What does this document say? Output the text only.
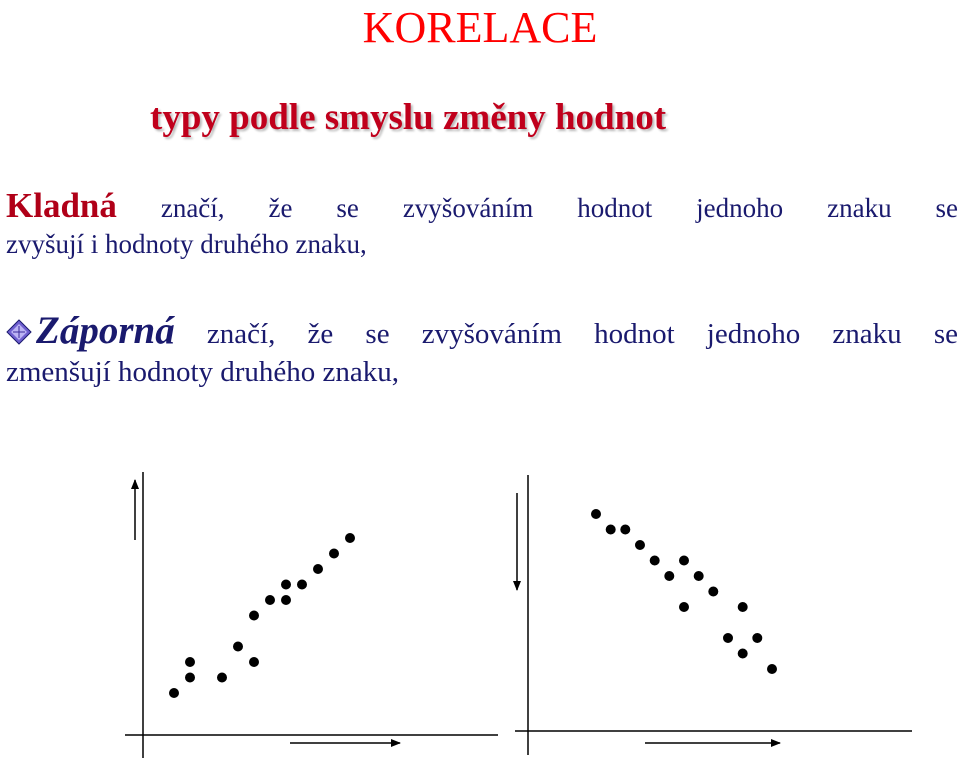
KORELACE
typy podle smyslu změny hodnot
Kladná značí, že se zvyšováním hodnot jednoho znaku se
zvyšují i hodnoty druhého znaku,
Záporná značí, že se zvyšováním hodnot jednoho znaku se
zmenšují hodnoty druhého znaku,
